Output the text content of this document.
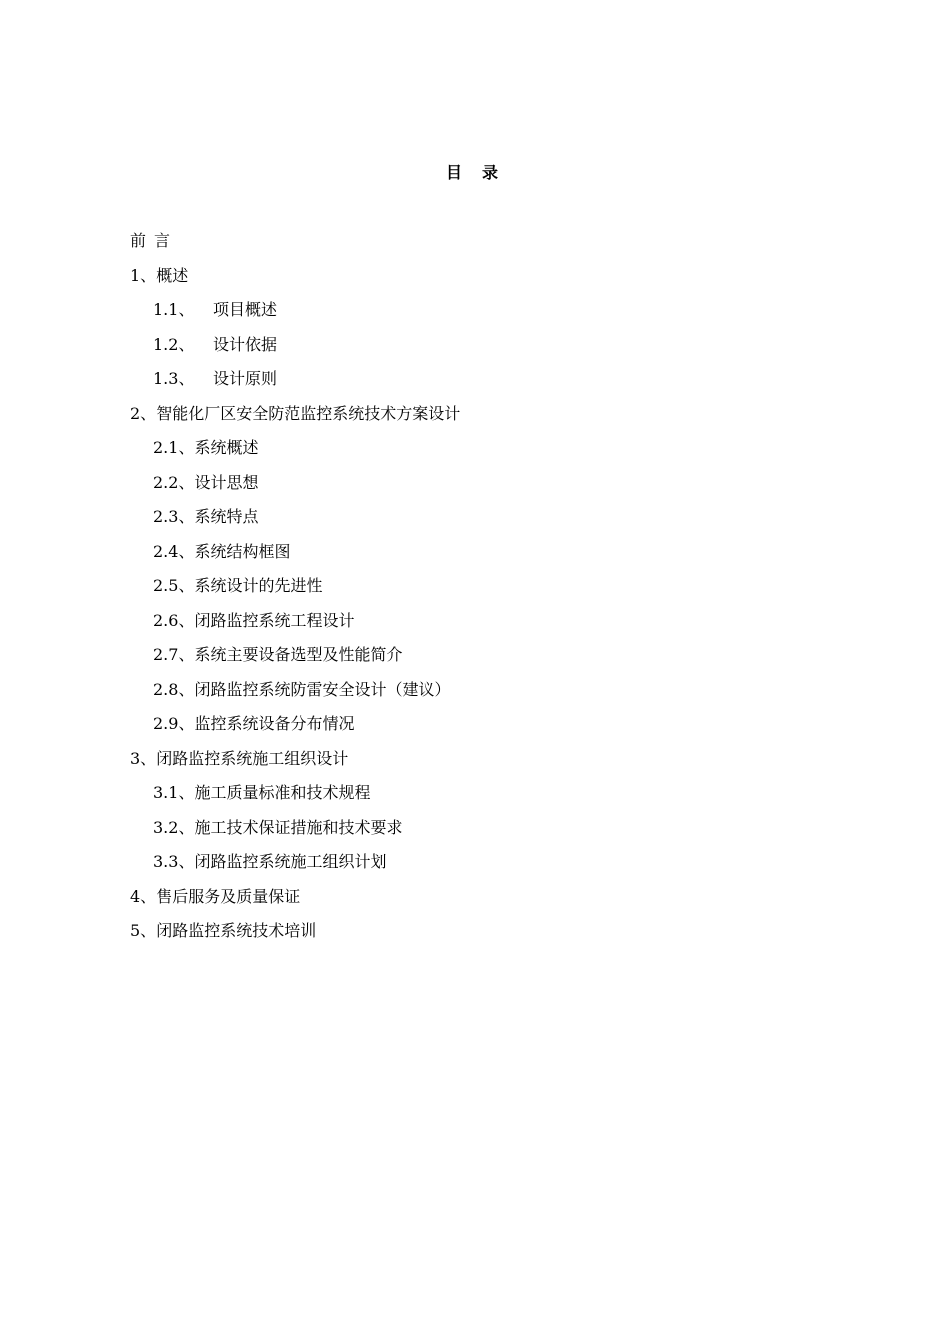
目录
前言
1、概述
1.1、 项目概述
1.2、 设计依据
1.3、 设计原则
2、智能化厂区安全防范监控系统技术方案设计
2.1、系统概述
2.2、设计思想
2.3、系统特点
2.4、系统结构框图
2.5、系统设计的先进性
2.6、闭路监控系统工程设计
2.7、系统主要设备选型及性能简介
2.8、闭路监控系统防雷安全设计（建议）
2.9、监控系统设备分布情况
3、闭路监控系统施工组织设计
3.1、施工质量标准和技术规程
3.2、施工技术保证措施和技术要求
3.3、闭路监控系统施工组织计划
4、售后服务及质量保证
5、闭路监控系统技术培训
